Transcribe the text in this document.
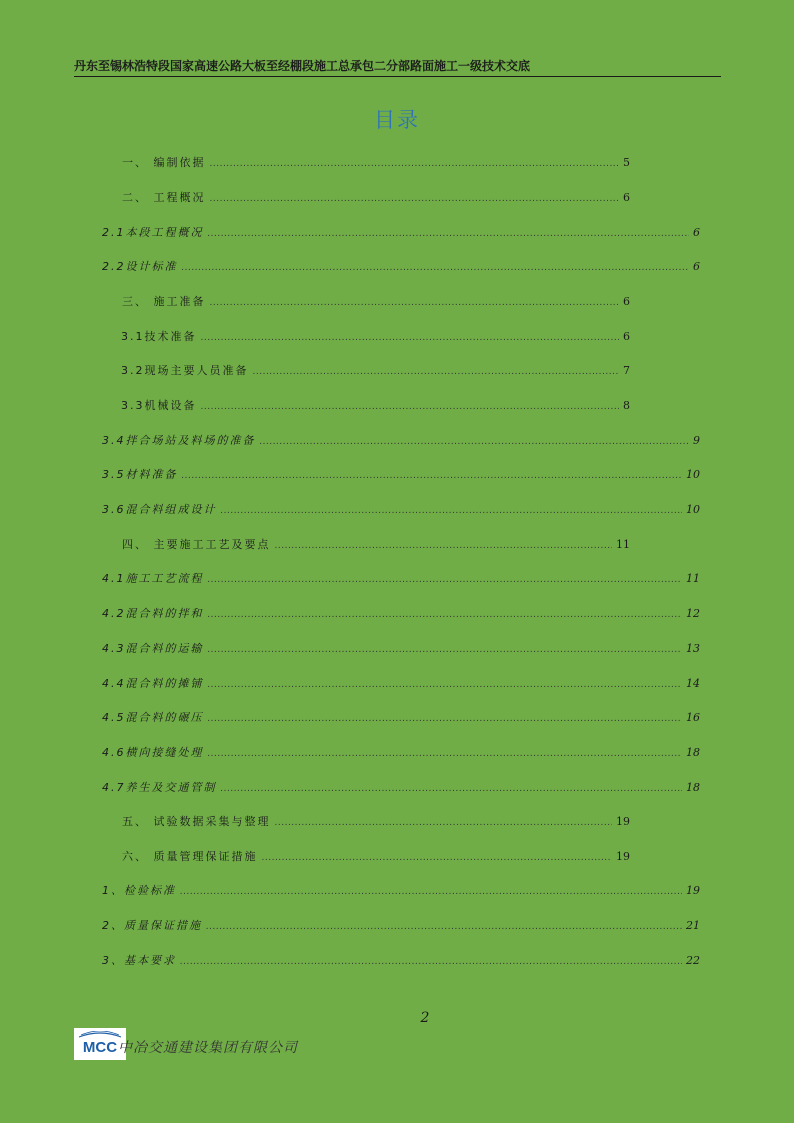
丹东至锡林浩特段国家高速公路大板至经棚段施工总承包二分部路面施工一级技术交底
目录
一、 编制依据 .....	5
二、 工程概况 .....	6
2.1本段工程概况 .....	6
2.2设计标准 .....	6
三、 施工准备 .....	6
3.1技术准备 .....	6
3.2现场主要人员准备 .....	7
3.3机械设备 .....	8
3.4拌合场站及料场的准备 .....	9
3.5材料准备 .....	10
3.6混合料组成设计 .....	10
四、 主要施工工艺及要点 .....	11
4.1施工工艺流程 .....	11
4.2混合料的拌和 .....	12
4.3混合料的运输 .....	13
4.4混合料的摊铺 .....	14
4.5混合料的碾压 .....	16
4.6横向接缝处理 .....	18
4.7养生及交通管制 .....	18
五、 试验数据采集与整理 .....	19
六、 质量管理保证措施 .....	19
1、检验标准 .....	19
2、质量保证措施 .....	21
3、基本要求 .....	22
2
MCC 中冶交通建设集团有限公司
